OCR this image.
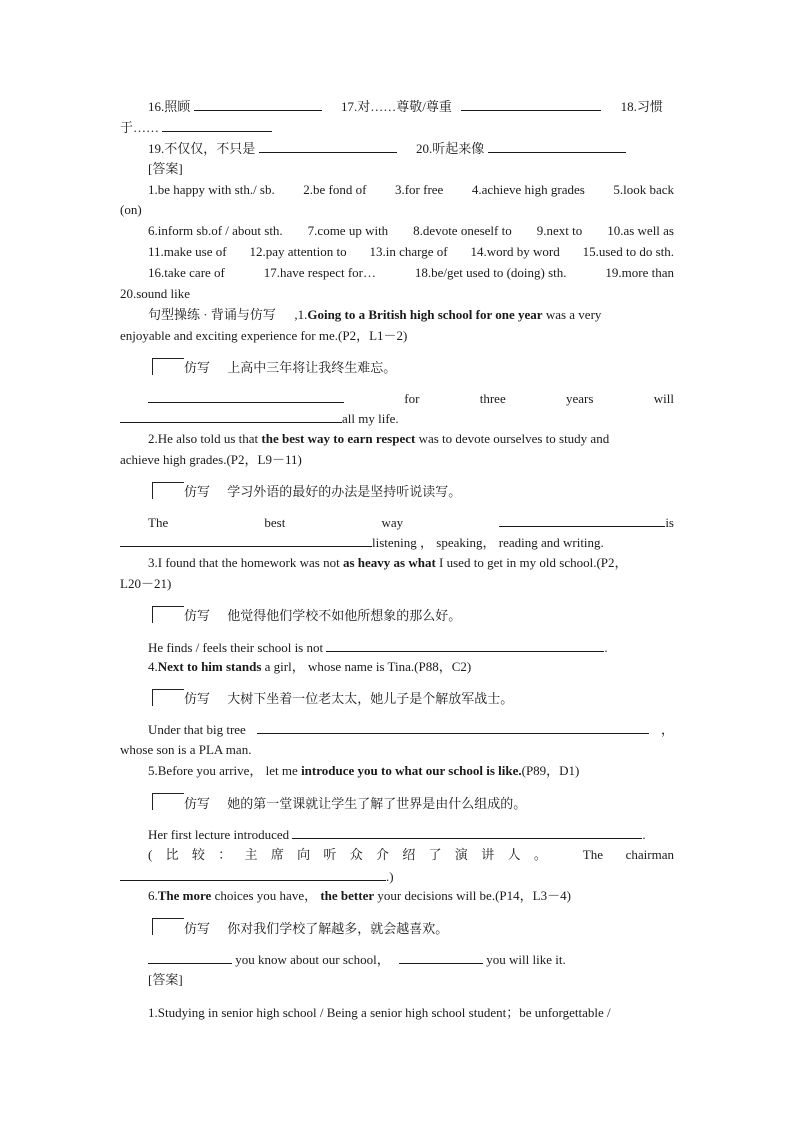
16.照顾	17.对……尊敬/尊重	18.习惯
于……
19.不仅仅，不只是	20.听起来像
[答案]
1.be happy with sth./ sb. 2.be fond of 3.for free 4.achieve high grades 5.look back
(on)
6.inform sb.of / about sth. 7.come up with 8.devote oneself to 9.next to 10.as well as
11.make use of 12.pay attention to 13.in charge of 14.word by word 15.used to do sth.
16.take care of	17.have respect for…	18.be/get used to (doing) sth.	19.more than
20.sound like
句型操练 · 背诵与仿写 ,1.Going to a British high school for one year was a very
enjoyable and exciting experience for me.(P2，L1－2)
仿写 上高中三年将让我终生难忘。
for	three	years	will
all my life.
2.He also told us that the best way to earn respect was to devote ourselves to study and
achieve high grades.(P2，L9－11)
仿写 学习外语的最好的办法是坚持听说读写。
The	best	way	is
listening ， speaking， reading and writing.
3.I found that the homework was not as heavy as what I used to get in my old school.(P2，
L20－21)
仿写 他觉得他们学校不如他所想象的那么好。
He finds / feels their school is not	.
4.Next to him stands a girl， whose name is Tina.(P88，C2)
仿写 大树下坐着一位老太太，她儿子是个解放军战士。
Under that big tree	，
whose son is a PLA man.
5.Before you arrive， let me introduce you to what our school is like.(P89，D1)
仿写 她的第一堂课就让学生了解了世界是由什么组成的。
Her first lecture introduced	.
(比较：主席向听众介绍了演讲人。 The chairman
.)
6.The more choices you have， the better your decisions will be.(P14，L3－4)
仿写 你对我们学校了解越多，就会越喜欢。
you know about our school，	you will like it.
[答案]
1.Studying in senior high school / Being a senior high school student；be unforgettable /
